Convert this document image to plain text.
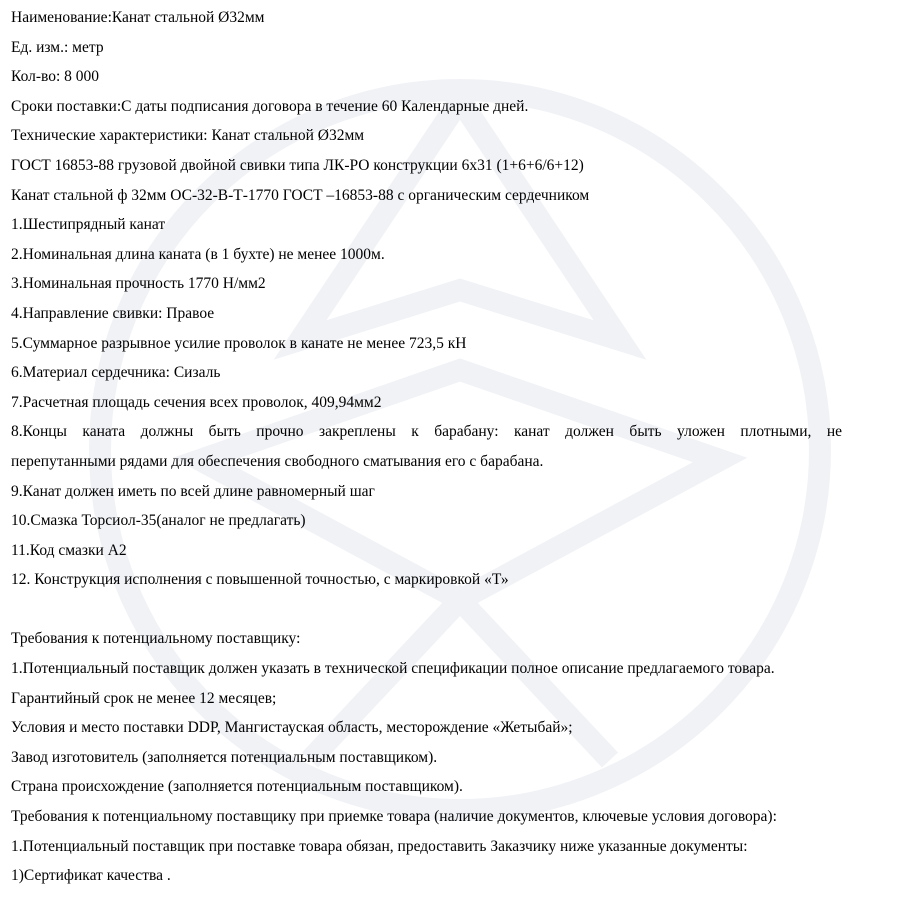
Наименование:Канат стальной Ø32мм
Ед. изм.: метр
Кол-во: 8 000
Сроки поставки:С даты подписания договора в течение 60 Календарные дней.
Технические характеристики: Канат стальной Ø32мм
ГОСТ 16853-88 грузовой двойной свивки типа ЛК-РО конструкции 6х31 (1+6+6/6+12)
Канат стальной ф 32мм ОС-32-В-Т-1770 ГОСТ –16853-88 с органическим сердечником
1.Шестипрядный канат
2.Номинальная длина каната (в 1 бухте) не менее 1000м.
3.Номинальная прочность 1770 Н/мм2
4.Направление свивки: Правое
5.Суммарное разрывное усилие проволок в канате не менее 723,5 кН
6.Материал сердечника: Сизаль
7.Расчетная площадь сечения всех проволок, 409,94мм2
8.Концы каната должны быть прочно закреплены к барабану: канат должен быть уложен плотными, не
перепутанными рядами для обеспечения свободного сматывания его с барабана.
9.Канат должен иметь по всей длине равномерный шаг
10.Смазка Торсиол-35(аналог не предлагать)
11.Код смазки А2
12. Конструкция исполнения с повышенной точностью, с маркировкой «Т»
Требования к потенциальному поставщику:
1.Потенциальный поставщик должен указать в технической спецификации полное описание предлагаемого товара.
Гарантийный срок не менее 12 месяцев;
Условия и место поставки DDP, Мангистауская область, месторождение «Жетыбай»;
Завод изготовитель (заполняется потенциальным поставщиком).
Страна происхождение (заполняется потенциальным поставщиком).
Требования к потенциальному поставщику при приемке товара (наличие документов, ключевые условия договора):
1.Потенциальный поставщик при поставке товара обязан, предоставить Заказчику ниже указанные документы:
1)Сертификат качества .
